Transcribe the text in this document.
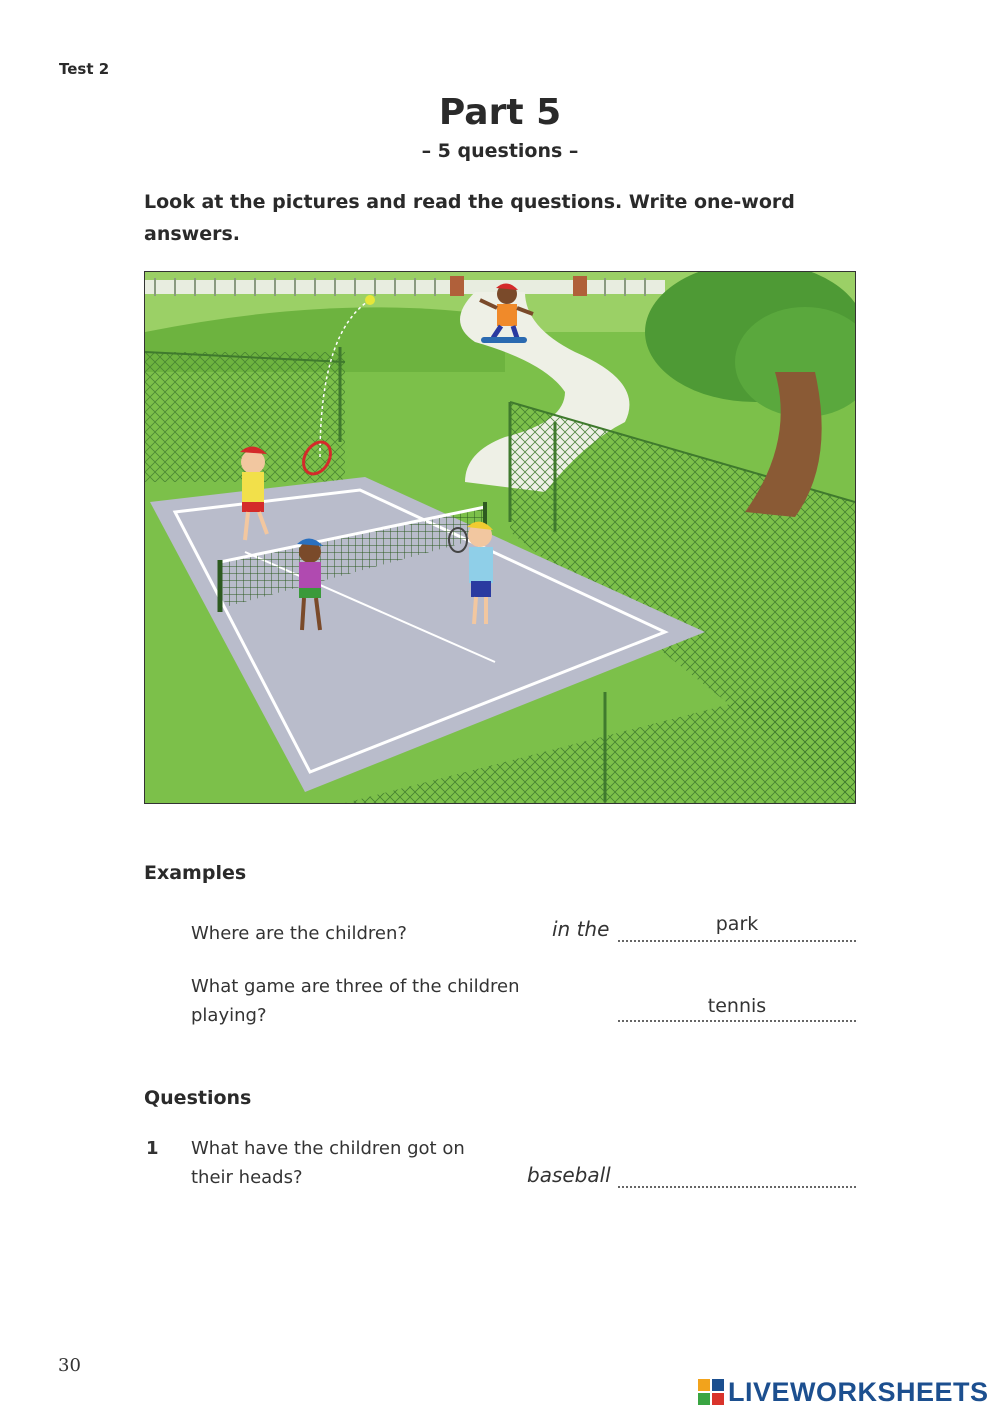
Test 2
Part 5
– 5 questions –
Look at the pictures and read the questions. Write one-word answers.
Examples
Where are the children?	in the	park
What game are three of the children playing?	tennis
Questions
1 What have the children got on their heads?	baseball
30
LIVEWORKSHEETS
